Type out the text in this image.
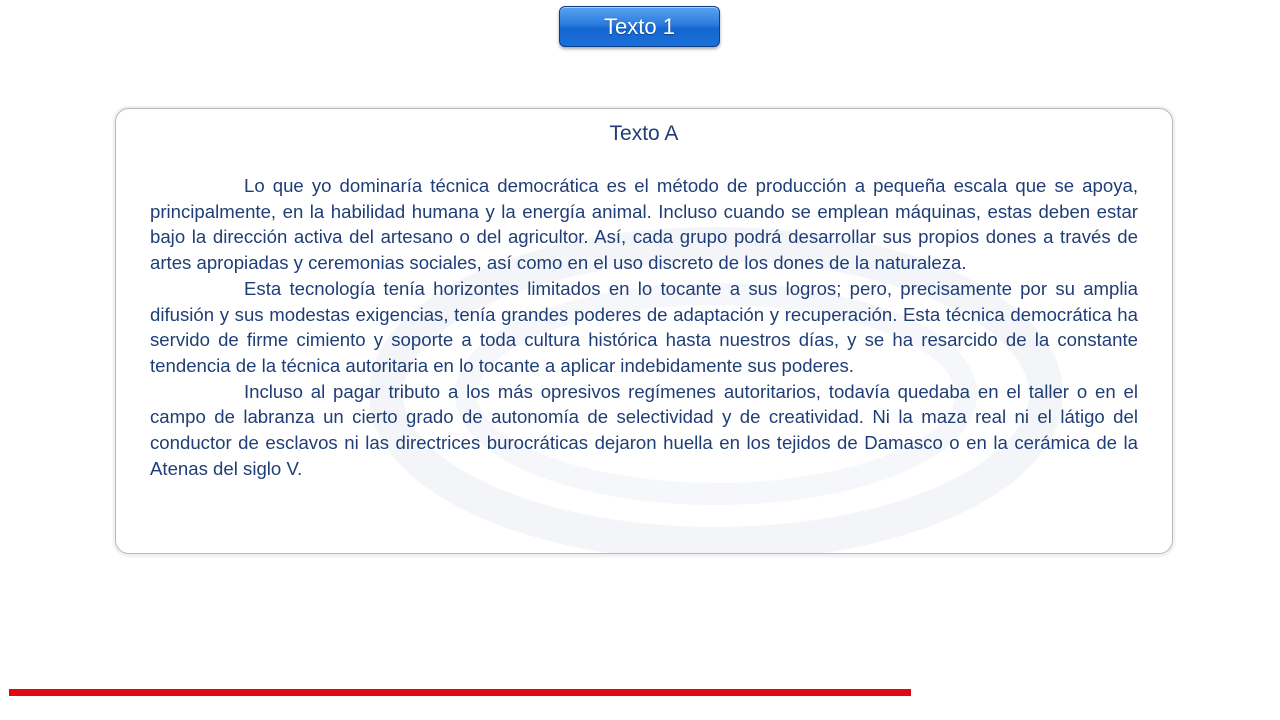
Texto 1
Texto A

Lo que yo dominaría técnica democrática es el método de producción a pequeña escala que se apoya, principalmente, en la habilidad humana y la energía animal. Incluso cuando se emplean máquinas, estas deben estar bajo la dirección activa del artesano o del agricultor. Así, cada grupo podrá desarrollar sus propios dones a través de artes apropiadas y ceremonias sociales, así como en el uso discreto de los dones de la naturaleza.

Esta tecnología tenía horizontes limitados en lo tocante a sus logros; pero, precisamente por su amplia difusión y sus modestas exigencias, tenía grandes poderes de adaptación y recuperación. Esta técnica democrática ha servido de firme cimiento y soporte a toda cultura histórica hasta nuestros días, y se ha resarcido de la constante tendencia de la técnica autoritaria en lo tocante a aplicar indebidamente sus poderes.

Incluso al pagar tributo a los más opresivos regímenes autoritarios, todavía quedaba en el taller o en el campo de labranza un cierto grado de autonomía de selectividad y de creatividad. Ni la maza real ni el látigo del conductor de esclavos ni las directrices burocráticas dejaron huella en los tejidos de Damasco o en la cerámica de la Atenas del siglo V.
